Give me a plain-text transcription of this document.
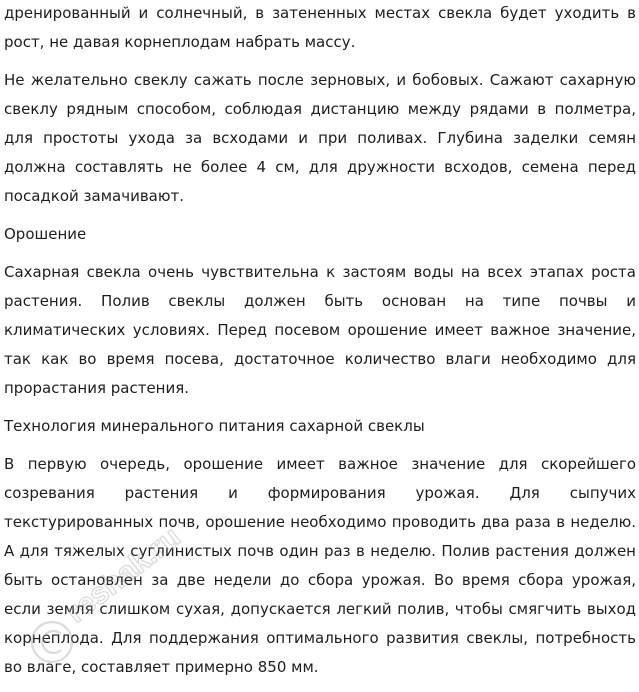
дренированный и солнечный, в затененных местах свекла будет уходить в рост, не давая корнеплодам набрать массу.

Не желательно свеклу сажать после зерновых, и бобовых. Сажают сахарную свеклу рядным способом, соблюдая дистанцию между рядами в полметра, для простоты ухода за всходами и при поливах. Глубина заделки семян должна составлять не более 4 см, для дружности всходов, семена перед посадкой замачивают.

Орошение

Сахарная свекла очень чувствительна к застоям воды на всех этапах роста растения. Полив свеклы должен быть основан на типе почвы и климатических условиях. Перед посевом орошение имеет важное значение, так как во время посева, достаточное количество влаги необходимо для прорастания растения.

Технология минерального питания сахарной свеклы

В первую очередь, орошение имеет важное значение для скорейшего созревания растения и формирования урожая. Для сыпучих текстурированных почв, орошение необходимо проводить два раза в неделю. А для тяжелых суглинистых почв один раз в неделю. Полив растения должен быть остановлен за две недели до сбора урожая. Во время сбора урожая, если земля слишком сухая, допускается легкий полив, чтобы смягчить выход корнеплода. Для поддержания оптимального развития свеклы, потребность во влаге, составляет примерно 850 мм.

reshak.ru
